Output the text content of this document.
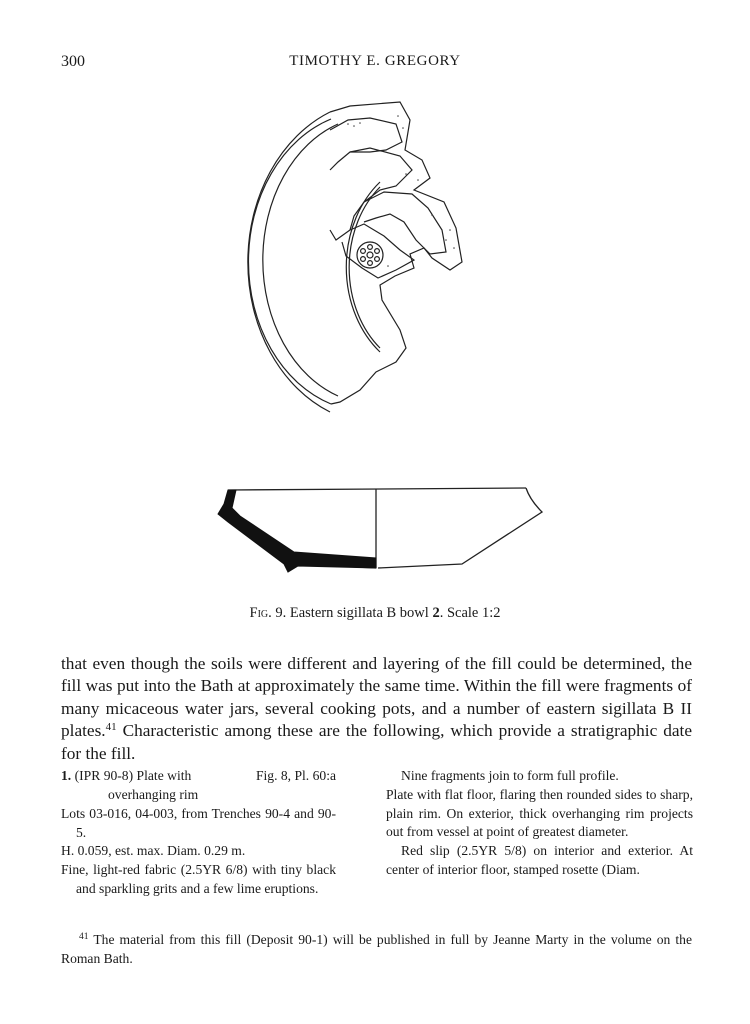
300	TIMOTHY E. GREGORY
Fig. 9. Eastern sigillata B bowl 2. Scale 1:2

that even though the soils were different and layering of the fill could be determined, the fill was put into the Bath at approximately the same time. Within the fill were fragments of many micaceous water jars, several cooking pots, and a number of eastern sigillata B II plates.$^{41}$ Characteristic among these are the following, which provide a stratigraphic date for the fill.

1. (IPR 90-8) Plate with	Fig. 8, Pl. 60:a
overhanging rim
Lots 03-016, 04-003, from Trenches 90-4 and 90-5.
H. 0.059, est. max. Diam. 0.29 m.
Fine, light-red fabric (2.5YR 6/8) with tiny black and sparkling grits and a few lime eruptions.
Nine fragments join to form full profile.
Plate with flat floor, flaring then rounded sides to sharp, plain rim. On exterior, thick overhanging rim projects out from vessel at point of greatest diameter.
Red slip (2.5YR 5/8) on interior and exterior. At center of interior floor, stamped rosette (Diam.

$^{41}$ The material from this fill (Deposit 90-1) will be published in full by Jeanne Marty in the volume on the Roman Bath.
